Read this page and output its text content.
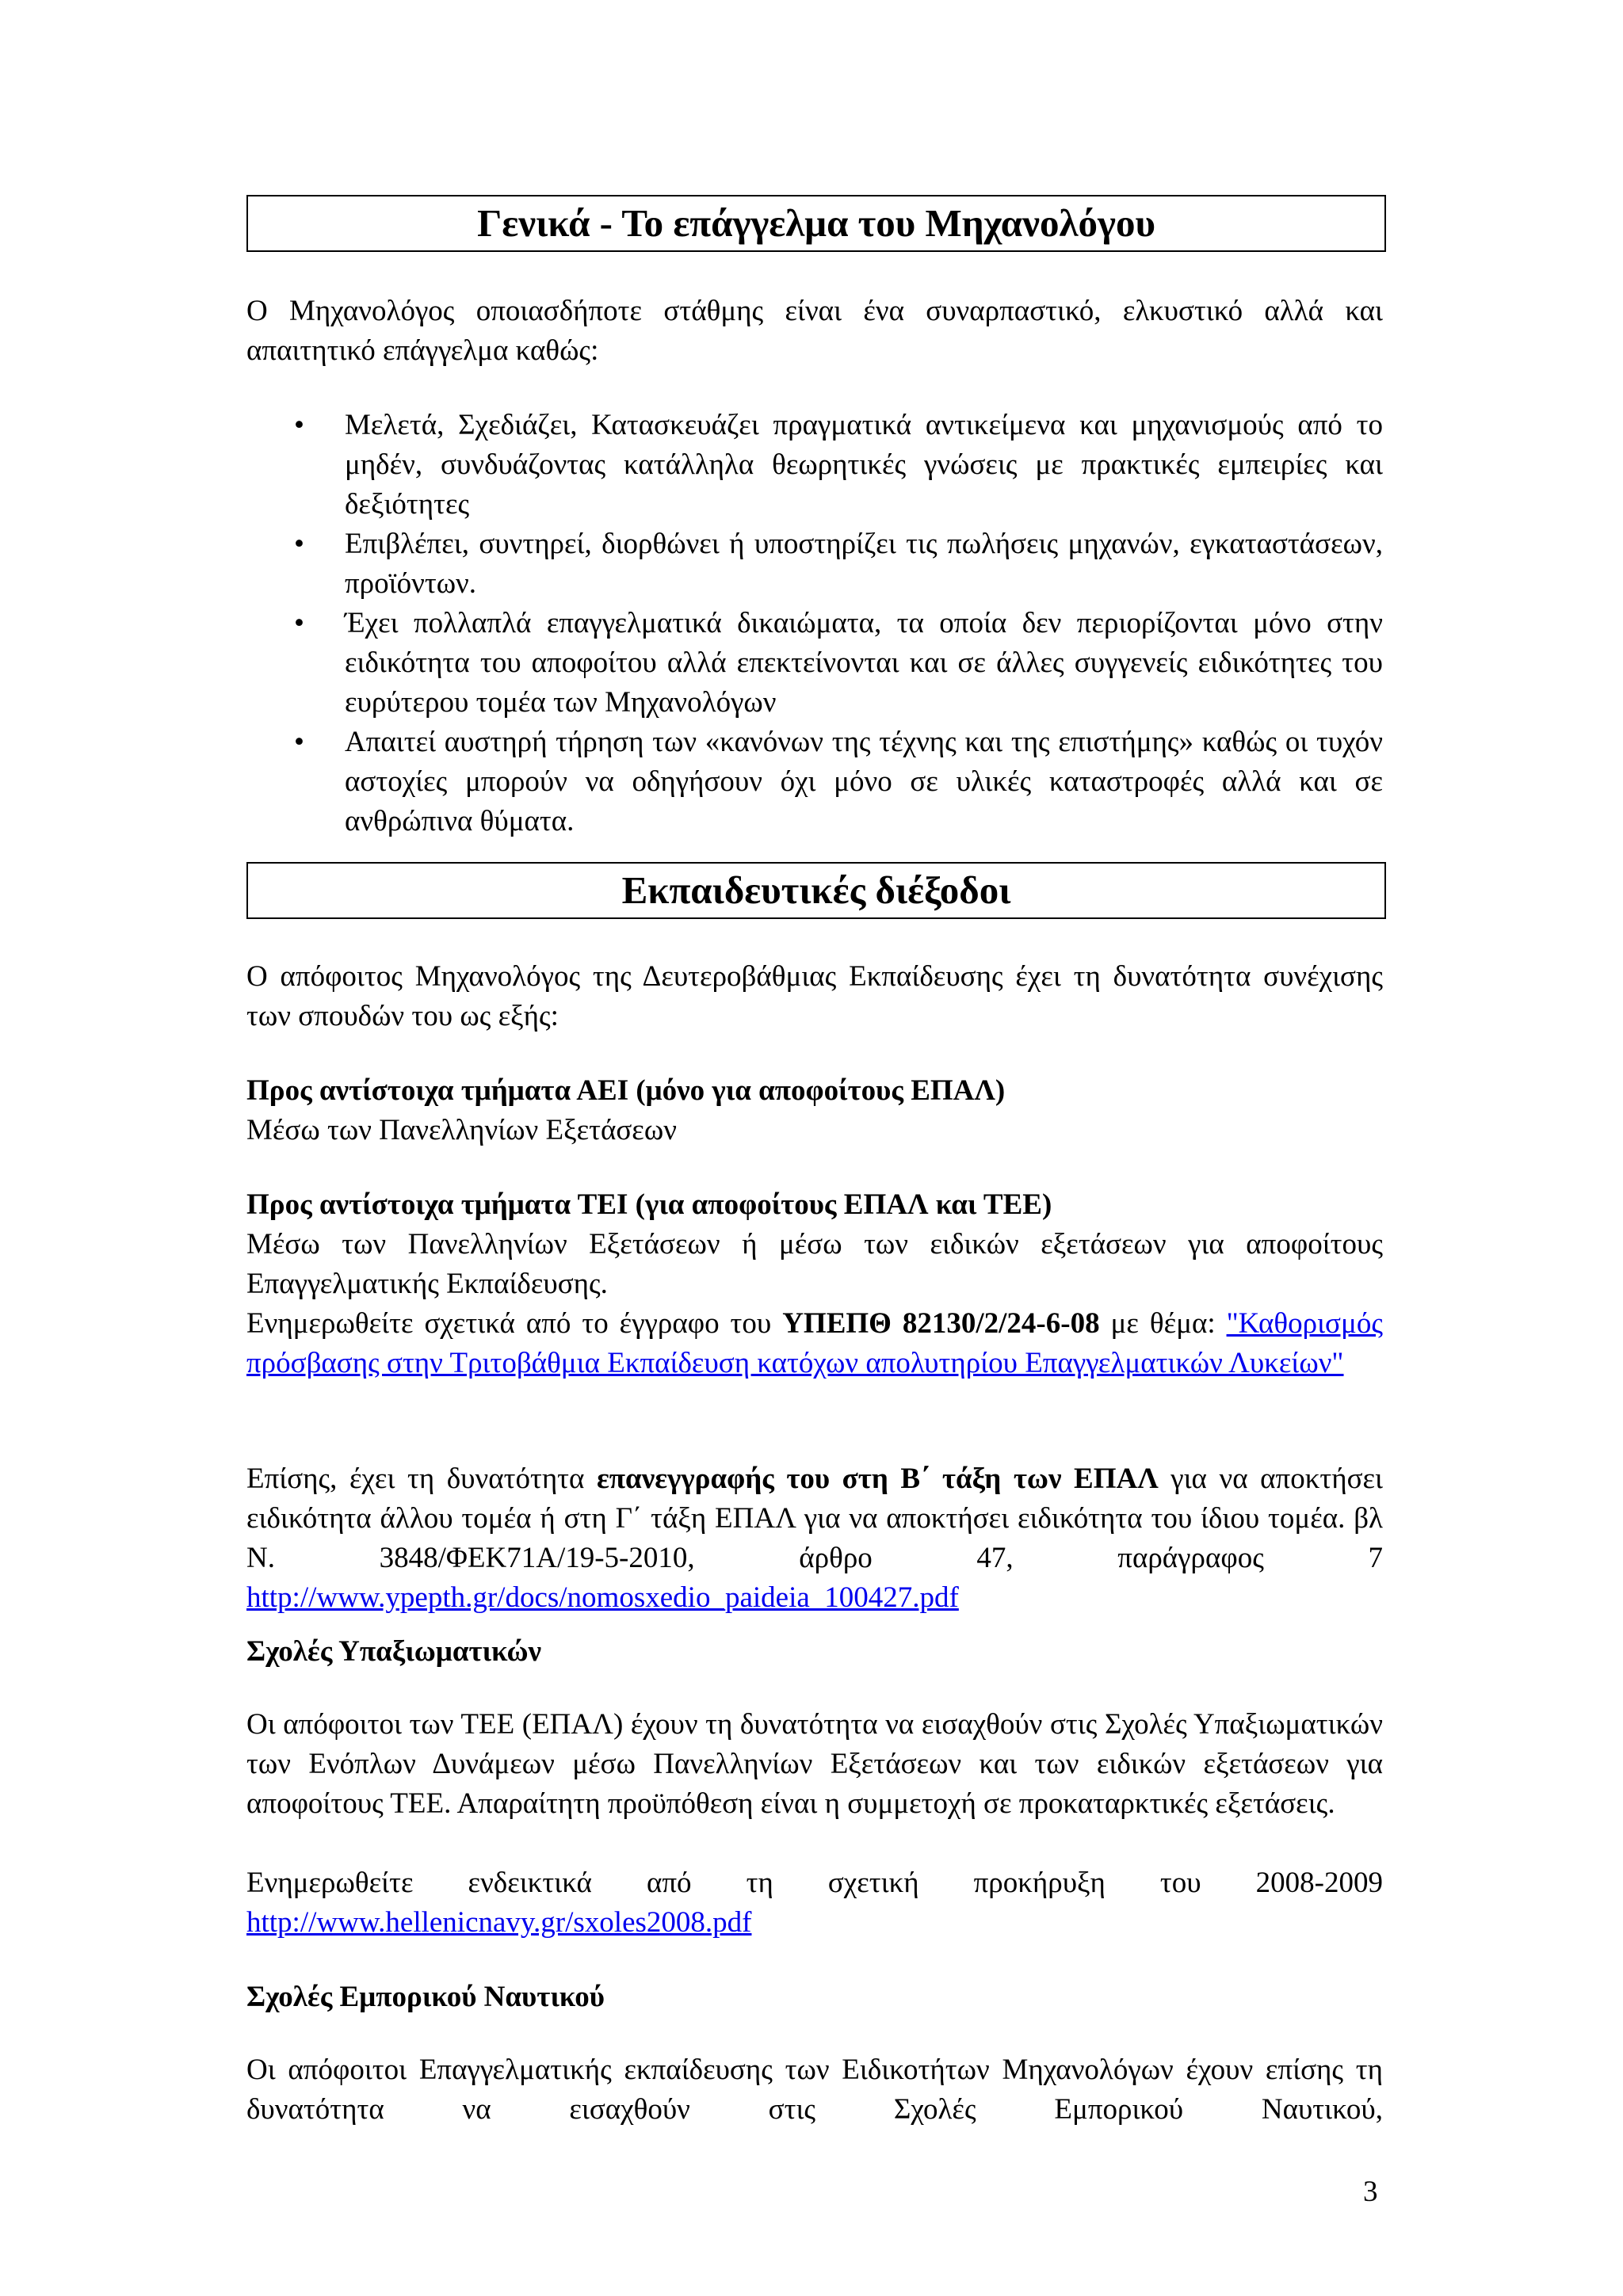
Γενικά - Το επάγγελμα του Μηχανολόγου

Ο Μηχανολόγος οποιασδήποτε στάθμης είναι ένα συναρπαστικό, ελκυστικό αλλά και απαιτητικό επάγγελμα καθώς:

• Μελετά, Σχεδιάζει, Κατασκευάζει πραγματικά αντικείμενα και μηχανισμούς από το μηδέν, συνδυάζοντας κατάλληλα θεωρητικές γνώσεις με πρακτικές εμπειρίες και δεξιότητες
• Επιβλέπει, συντηρεί, διορθώνει ή υποστηρίζει τις πωλήσεις μηχανών, εγκαταστάσεων, προϊόντων.
• Έχει πολλαπλά επαγγελματικά δικαιώματα, τα οποία δεν περιορίζονται μόνο στην ειδικότητα του αποφοίτου αλλά επεκτείνονται και σε άλλες συγγενείς ειδικότητες του ευρύτερου τομέα των Μηχανολόγων
• Απαιτεί αυστηρή τήρηση των «κανόνων της τέχνης και της επιστήμης» καθώς οι τυχόν αστοχίες μπορούν να οδηγήσουν όχι μόνο σε υλικές καταστροφές αλλά και σε ανθρώπινα θύματα.
Εκπαιδευτικές διέξοδοι

Ο απόφοιτος Μηχανολόγος της Δευτεροβάθμιας Εκπαίδευσης έχει τη δυνατότητα συνέχισης των σπουδών του ως εξής:

Προς αντίστοιχα τμήματα ΑΕΙ (μόνο για αποφοίτους ΕΠΑΛ)

Μέσω των Πανελληνίων Εξετάσεων

Προς αντίστοιχα τμήματα ΤΕΙ (για αποφοίτους ΕΠΑΛ και ΤΕΕ)

Μέσω των Πανελληνίων Εξετάσεων ή μέσω των ειδικών εξετάσεων για αποφοίτους Επαγγελματικής Εκπαίδευσης.

Ενημερωθείτε σχετικά από το έγγραφο του ΥΠΕΠΘ 82130/2/24-6-08 με θέμα: "Καθορισμός πρόσβασης στην Τριτοβάθμια Εκπαίδευση κατόχων απολυτηρίου Επαγγελματικών Λυκείων"

Επίσης, έχει τη δυνατότητα επανεγγραφής του στη Β΄ τάξη των ΕΠΑΛ για να αποκτήσει ειδικότητα άλλου τομέα ή στη Γ΄ τάξη ΕΠΑΛ για να αποκτήσει ειδικότητα του ίδιου τομέα. βλ Ν. 3848/ΦΕΚ71Α/19-5-2010, άρθρο 47, παράγραφος 7 http://www.ypepth.gr/docs/nomosxedio_paideia_100427.pdf

Σχολές Υπαξιωματικών

Οι απόφοιτοι των ΤΕΕ (ΕΠΑΛ) έχουν τη δυνατότητα να εισαχθούν στις Σχολές Υπαξιωματικών των Ενόπλων Δυνάμεων μέσω Πανελληνίων Εξετάσεων και των ειδικών εξετάσεων για αποφοίτους ΤΕΕ. Απαραίτητη προϋπόθεση είναι η συμμετοχή σε προκαταρκτικές εξετάσεις.

Ενημερωθείτε ενδεικτικά από τη σχετική προκήρυξη του 2008-2009

http://www.hellenicnavy.gr/sxoles2008.pdf

Σχολές Εμπορικού Ναυτικού

Οι απόφοιτοι Επαγγελματικής εκπαίδευσης των Ειδικοτήτων Μηχανολόγων έχουν επίσης τη δυνατότητα να εισαχθούν στις Σχολές Εμπορικού Ναυτικού,

3
